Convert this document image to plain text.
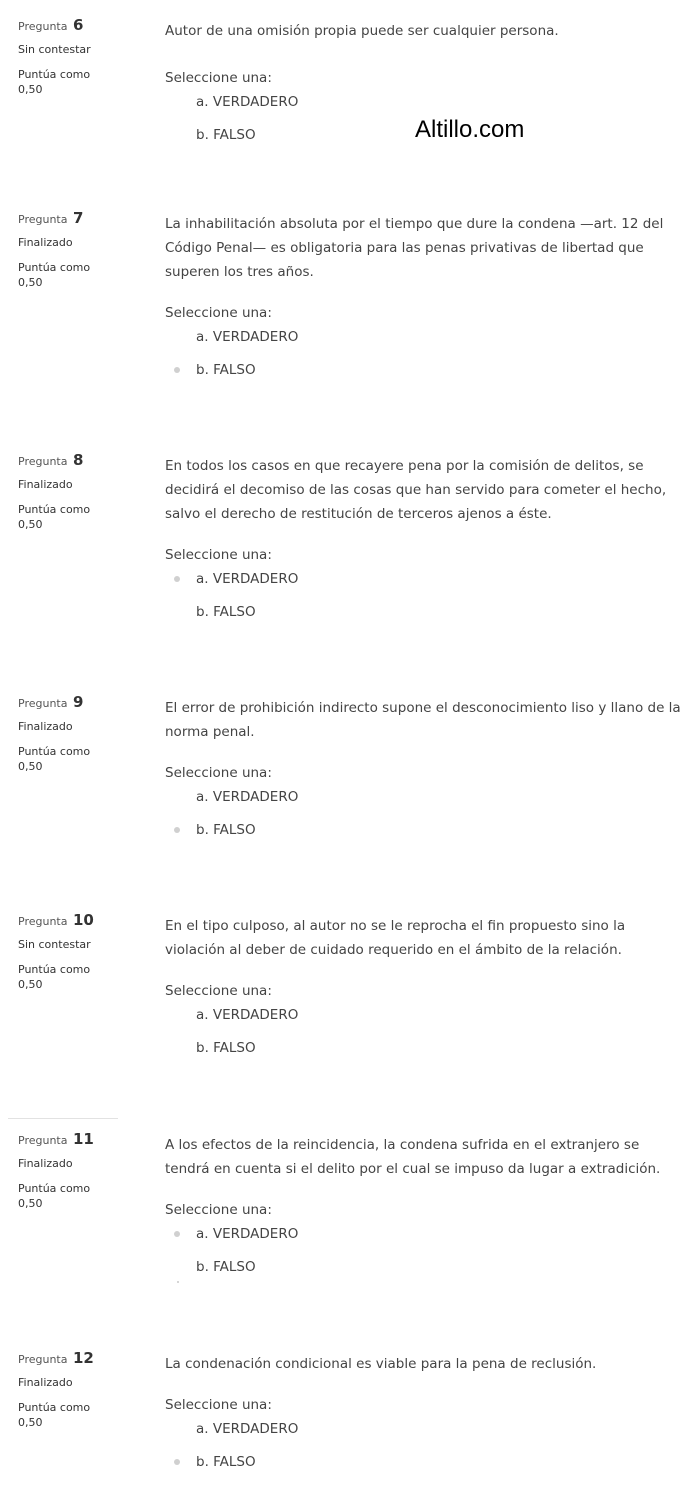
Pregunta 6
Sin contestar
Puntúa como
0,50
Autor de una omisión propia puede ser cualquier persona.
Seleccione una:
a. VERDADERO
b. FALSO
Pregunta 7
Finalizado
Puntúa como
0,50
La inhabilitación absoluta por el tiempo que dure la condena —art. 12 del Código Penal— es obligatoria para las penas privativas de libertad que superen los tres años.
Seleccione una:
a. VERDADERO
b. FALSO
Pregunta 8
Finalizado
Puntúa como
0,50
En todos los casos en que recayere pena por la comisión de delitos, se decidirá el decomiso de las cosas que han servido para cometer el hecho, salvo el derecho de restitución de terceros ajenos a éste.
Seleccione una:
a. VERDADERO
b. FALSO
Pregunta 9
Finalizado
Puntúa como
0,50
El error de prohibición indirecto supone el desconocimiento liso y llano de la norma penal.
Seleccione una:
a. VERDADERO
b. FALSO
Pregunta 10
Sin contestar
Puntúa como
0,50
En el tipo culposo, al autor no se le reprocha el fin propuesto sino la violación al deber de cuidado requerido en el ámbito de la relación.
Seleccione una:
a. VERDADERO
b. FALSO
Pregunta 11
Finalizado
Puntúa como
0,50
A los efectos de la reincidencia, la condena sufrida en el extranjero se tendrá en cuenta si el delito por el cual se impuso da lugar a extradición.
Seleccione una:
a. VERDADERO
b. FALSO
Pregunta 12
Finalizado
Puntúa como
0,50
La condenación condicional es viable para la pena de reclusión.
Seleccione una:
a. VERDADERO
b. FALSO
Altillo.com
